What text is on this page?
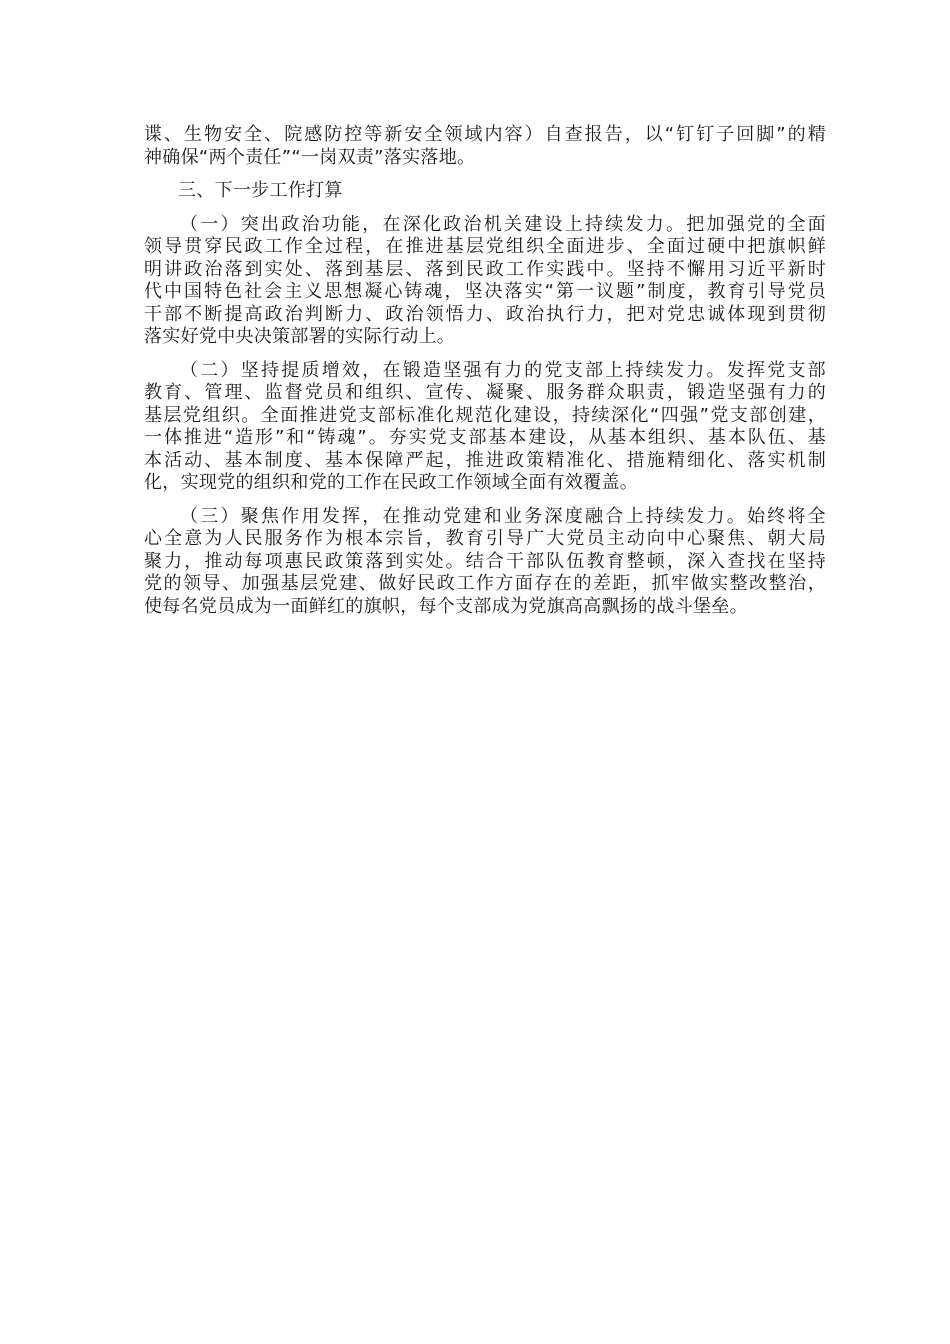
谍、生物安全、院感防控等新安全领域内容）自查报告，以“钉钉子回脚”的精
神确保“两个责任”“一岗双责”落实落地。
三、下一步工作打算
（一）突出政治功能，在深化政治机关建设上持续发力。把加强党的全面
领导贯穿民政工作全过程，在推进基层党组织全面进步、全面过硬中把旗帜鲜
明讲政治落到实处、落到基层、落到民政工作实践中。坚持不懈用习近平新时
代中国特色社会主义思想凝心铸魂，坚决落实“第一议题”制度，教育引导党员
干部不断提高政治判断力、政治领悟力、政治执行力，把对党忠诚体现到贯彻
落实好党中央决策部署的实际行动上。
（二）坚持提质增效，在锻造坚强有力的党支部上持续发力。发挥党支部
教育、管理、监督党员和组织、宣传、凝聚、服务群众职责，锻造坚强有力的
基层党组织。全面推进党支部标准化规范化建设，持续深化“四强”党支部创建，
一体推进“造形”和“铸魂”。夯实党支部基本建设，从基本组织、基本队伍、基
本活动、基本制度、基本保障严起，推进政策精准化、措施精细化、落实机制
化，实现党的组织和党的工作在民政工作领域全面有效覆盖。
（三）聚焦作用发挥，在推动党建和业务深度融合上持续发力。始终将全
心全意为人民服务作为根本宗旨，教育引导广大党员主动向中心聚焦、朝大局
聚力，推动每项惠民政策落到实处。结合干部队伍教育整顿，深入查找在坚持
党的领导、加强基层党建、做好民政工作方面存在的差距，抓牢做实整改整治，
使每名党员成为一面鲜红的旗帜，每个支部成为党旗高高飘扬的战斗堡垒。
